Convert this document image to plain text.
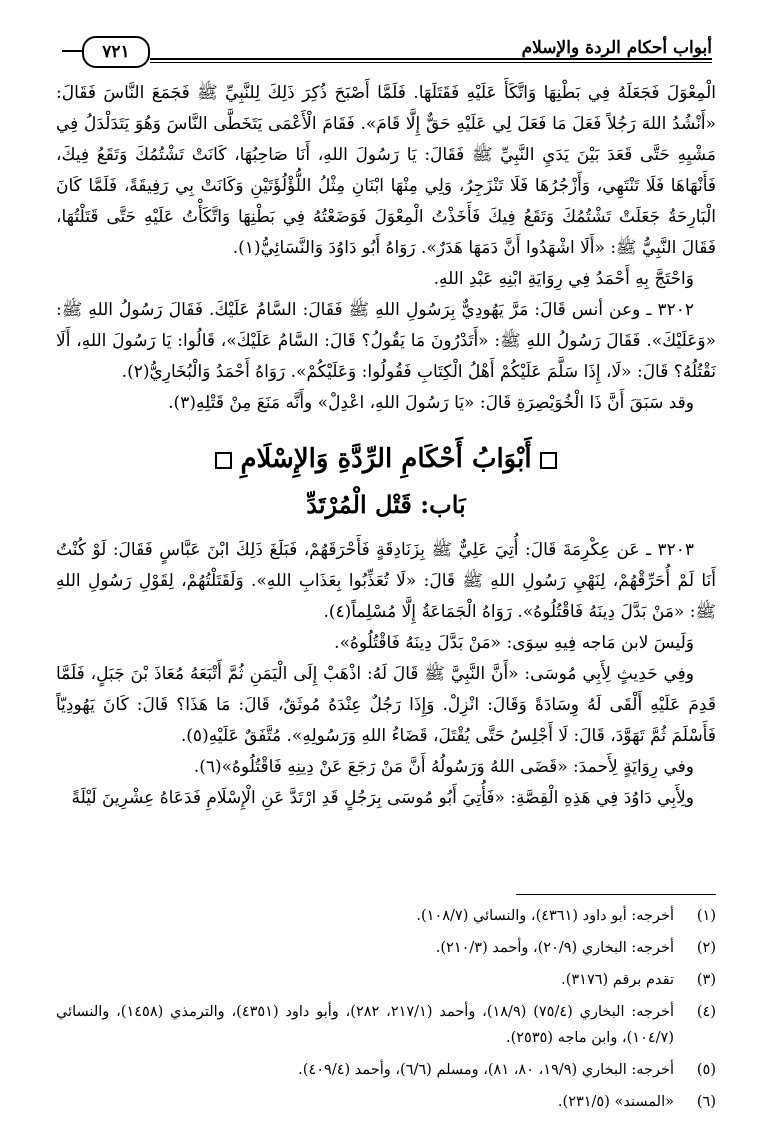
أبواب أحكام الردة والإسلام
٧٢١

الْمِعْوَلَ فَجَعَلَهُ فِي بَطْنِهَا وَاتَّكَأَ عَلَيْهِ فَقَتَلَهَا. فَلَمَّا أَصْبَحَ ذُكِرَ ذَلِكَ لِلنَّبِيِّ ﷺ فَجَمَعَ النَّاسَ فَقَالَ: «أَنْشُدُ اللهَ رَجُلاً فَعَلَ مَا فَعَلَ لِي عَلَيْهِ حَقٌّ إِلَّا قَامَ». فَقَامَ الْأَعْمَى يَتَخَطَّى النَّاسَ وَهُوَ يَتَدَلْدَلُ فِي مَشْيِهِ حَتَّى قَعَدَ بَيْنَ يَدَيِ النَّبِيِّ ﷺ فَقَالَ: يَا رَسُولَ اللهِ، أَنَا صَاحِبُهَا، كَانَتْ تَشْتُمُكَ وَتَقَعُ فِيكَ، فَأَنْهَاهَا فَلَا تَنْتَهِي، وَأَزْجُرُهَا فَلَا تَنْزَجِرُ، وَلِي مِنْهَا ابْنَانِ مِثْلُ اللُّؤْلُؤَتَيْنِ وَكَانَتْ بِي رَفِيقَةً، فَلَمَّا كَانَ الْبَارِحَةُ جَعَلَتْ تَشْتُمُكَ وَتَقَعُ فِيكَ فَأَخَذْتُ الْمِعْوَلَ فَوَضَعْتُهُ فِي بَطْنِهَا وَاتَّكَأْتُ عَلَيْهِ حَتَّى قَتَلْتُهَا، فَقَالَ النَّبِيُّ ﷺ: «أَلَا اشْهَدُوا أَنَّ دَمَهَا هَدَرٌ». رَوَاهُ أَبُو دَاوُدَ وَالنَّسَائِيُّ(١).

وَاحْتَجَّ بِهِ أَحْمَدُ فِي رِوَايَةِ ابْنِهِ عَبْدِ اللهِ.

٣٢٠٢ ـ وعن أنس قَالَ: مَرَّ يَهُودِيٌّ بِرَسُولِ اللهِ ﷺ فَقَالَ: السَّامُ عَلَيْكَ. فَقَالَ رَسُولُ اللهِ ﷺ: «وَعَلَيْكَ». فَقَالَ رَسُولُ اللهِ ﷺ: «أَتَدْرُونَ مَا يَقُولُ؟ قَالَ: السَّامُ عَلَيْكَ»، قَالُوا: يَا رَسُولَ اللهِ، أَلَا نَقْتُلُهُ؟ قَالَ: «لَا، إِذَا سَلَّمَ عَلَيْكُمْ أَهْلُ الْكِتَابِ فَقُولُوا: وَعَلَيْكُمْ». رَوَاهُ أَحْمَدُ وَالْبُخَارِيُّ(٢).

وقد سَبَقَ أَنَّ ذَا الْخُوَيْصِرَةِ قَالَ: «يَا رَسُولَ اللهِ، اعْدِلْ» وأَنَّه مَنَعَ مِنْ قَتْلِهِ(٣).

أَبْوَابُ أَحْكَامِ الرِّدَّةِ وَالإِسْلَامِ
بَاب: قَتْل الْمُرْتَدِّ

٣٢٠٣ ـ عَن عِكْرِمَةَ قَالَ: أُتِيَ عَلِيٌّ ﷺ بِزَنَادِقَةٍ فَأَحْرَقَهُمْ، فَبَلَغَ ذَلِكَ ابْنَ عَبَّاسٍ فَقَالَ: لَوْ كُنْتُ أَنَا لَمْ أُحَرِّقْهُمْ، لِنَهْيِ رَسُولِ اللهِ ﷺ قَالَ: «لَا تُعَذِّبُوا بِعَذَابِ اللهِ». وَلَقَتَلْتُهُمْ، لِقَوْلِ رَسُولِ اللهِ ﷺ: «مَنْ بَدَّلَ دِينَهُ فَاقْتُلُوهُ». رَوَاهُ الْجَمَاعَةُ إِلَّا مُسْلِماً(٤).

وَلَيسَ لابن مَاجه فِيهِ سِوَى: «مَنْ بَدَّلَ دِينَهُ فَاقْتُلُوهُ».

وفِي حَدِيثٍ لِأَبِي مُوسَى: «أَنَّ النَّبِيَّ ﷺ قَالَ لَهُ: اذْهَبْ إِلَى الْيَمَنِ ثُمَّ أَتْبَعَهُ مُعَاذَ بْنَ جَبَلٍ، فَلَمَّا قَدِمَ عَلَيْهِ أَلْقَى لَهُ وِسَادَةً وَقَالَ: انْزِلْ. وَإِذَا رَجُلٌ عِنْدَهُ مُوثَقٌ، قَالَ: مَا هَذَا؟ قَالَ: كَانَ يَهُودِيّاً فَأَسْلَمَ ثُمَّ تَهَوَّدَ، قَالَ: لَا أَجْلِسُ حَتَّى يُقْتَلَ، قَضَاءُ اللهِ وَرَسُولِهِ». مُتَّفَقٌ عَلَيْهِ(٥).

وفي رِوَايَةٍ لِأَحمدَ: «قَضَى اللهُ وَرَسُولُهُ أَنَّ مَنْ رَجَعَ عَنْ دِينِهِ فَاقْتُلُوهُ»(٦).

ولِأَبِي دَاوُدَ فِي هَذِهِ الْقِصَّةِ: «فَأُتِيَ أَبُو مُوسَى بِرَجُلٍ قَدِ ارْتَدَّ عَنِ الْإِسْلَامِ فَدَعَاهُ عِشْرِينَ لَيْلَةً

(١)
أخرجه: أبو داود (٤٣٦١)، والنسائي (١٠٨/٧).
(٢)
أخرجه: البخاري (٢٠/٩)، وأحمد (٢١٠/٣).
(٣)
تقدم برقم (٣١٧٦).
(٤)
أخرجه: البخاري (٧٥/٤) (١٨/٩)، وأحمد (٢١٧/١، ٢٨٢)، وأبو داود (٤٣٥١)، والترمذي (١٤٥٨)، والنسائي (١٠٤/٧)، وابن ماجه (٢٥٣٥).
(٥)
أخرجه: البخاري (١٩/٩، ٨٠، ٨١)، ومسلم (٦/٦)، وأحمد (٤٠٩/٤).
(٦)
«المسند» (٢٣١/٥).
